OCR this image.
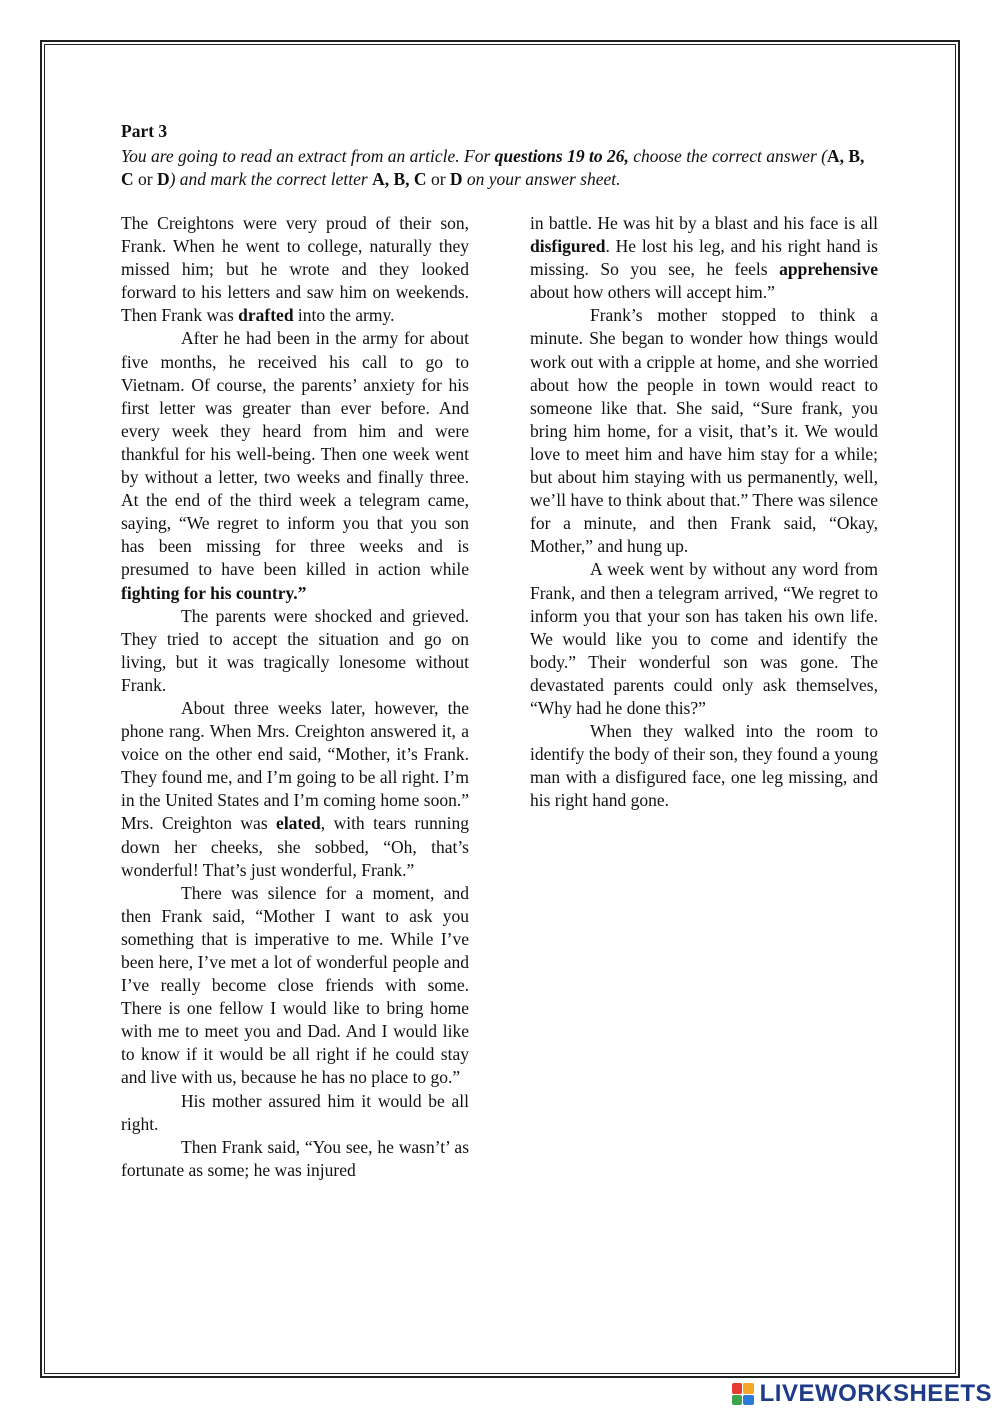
Part 3
You are going to read an extract from an article. For questions 19 to 26, choose the correct answer (A, B, C or D) and mark the correct letter A, B, C or D on your answer sheet.

The Creightons were very proud of their son, Frank. When he went to college, naturally they missed him; but he wrote and they looked forward to his letters and saw him on weekends. Then Frank was drafted into the army.

After he had been in the army for about five months, he received his call to go to Vietnam. Of course, the parents’ anxiety for his first letter was greater than ever before. And every week they heard from him and were thankful for his well-being. Then one week went by without a letter, two weeks and finally three. At the end of the third week a telegram came, saying, “We regret to inform you that you son has been missing for three weeks and is presumed to have been killed in action while fighting for his country.”

The parents were shocked and grieved. They tried to accept the situation and go on living, but it was tragically lonesome without Frank.

About three weeks later, however, the phone rang. When Mrs. Creighton answered it, a voice on the other end said, “Mother, it’s Frank. They found me, and I’m going to be all right. I’m in the United States and I’m coming home soon.” Mrs. Creighton was elated, with tears running down her cheeks, she sobbed, “Oh, that’s wonderful! That’s just wonderful, Frank.”

There was silence for a moment, and then Frank said, “Mother I want to ask you something that is imperative to me. While I’ve been here, I’ve met a lot of wonderful people and I’ve really become close friends with some. There is one fellow I would like to bring home with me to meet you and Dad. And I would like to know if it would be all right if he could stay and live with us, because he has no place to go.”

His mother assured him it would be all right.

Then Frank said, “You see, he wasn’t’ as fortunate as some; he was injured

in battle. He was hit by a blast and his face is all disfigured. He lost his leg, and his right hand is missing. So you see, he feels apprehensive about how others will accept him.”

Frank’s mother stopped to think a minute. She began to wonder how things would work out with a cripple at home, and she worried about how the people in town would react to someone like that. She said, “Sure frank, you bring him home, for a visit, that’s it. We would love to meet him and have him stay for a while; but about him staying with us permanently, well, we’ll have to think about that.” There was silence for a minute, and then Frank said, “Okay, Mother,” and hung up.

A week went by without any word from Frank, and then a telegram arrived, “We regret to inform you that your son has taken his own life. We would like you to come and identify the body.” Their wonderful son was gone. The devastated parents could only ask themselves, “Why had he done this?”

When they walked into the room to identify the body of their son, they found a young man with a disfigured face, one leg missing, and his right hand gone.

LIVEWORKSHEETS
